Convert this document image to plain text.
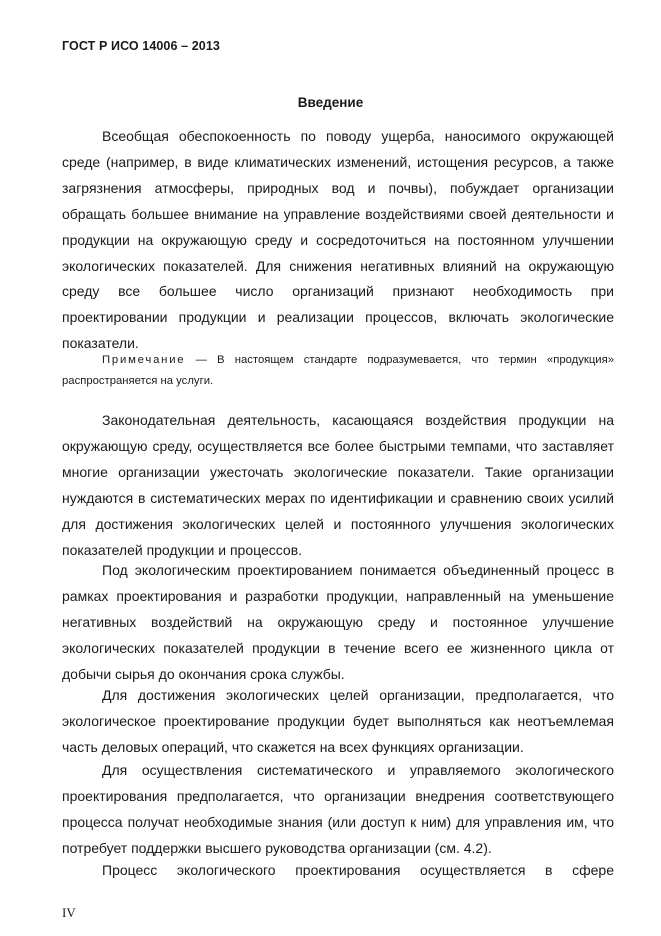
ГОСТ Р ИСО 14006 – 2013
Введение

Всеобщая обеспокоенность по поводу ущерба, наносимого окружающей среде (например, в виде климатических изменений, истощения ресурсов, а также загрязнения атмосферы, природных вод и почвы), побуждает организации обращать большее внимание на управление воздействиями своей деятельности и продукции на окружающую среду и сосредоточиться на постоянном улучшении экологических показателей. Для снижения негативных влияний на окружающую среду все большее число организаций признают необходимость при проектировании продукции и реализации процессов, включать экологические показатели.

Примечание — В настоящем стандарте подразумевается, что термин «продукция» распространяется на услуги.

Законодательная деятельность, касающаяся воздействия продукции на окружающую среду, осуществляется все более быстрыми темпами, что заставляет многие организации ужесточать экологические показатели. Такие организации нуждаются в систематических мерах по идентификации и сравнению своих усилий для достижения экологических целей и постоянного улучшения экологических показателей продукции и процессов.

Под экологическим проектированием понимается объединенный процесс в рамках проектирования и разработки продукции, направленный на уменьшение негативных воздействий на окружающую среду и постоянное улучшение экологических показателей продукции в течение всего ее жизненного цикла от добычи сырья до окончания срока службы.

Для достижения экологических целей организации, предполагается, что экологическое проектирование продукции будет выполняться как неотъемлемая часть деловых операций, что скажется на всех функциях организации.

Для осуществления систематического и управляемого экологического проектирования предполагается, что организации внедрения соответствующего процесса получат необходимые знания (или доступ к ним) для управления им, что потребует поддержки высшего руководства организации (см. 4.2).

Процесс экологического проектирования осуществляется в сфере

IV
